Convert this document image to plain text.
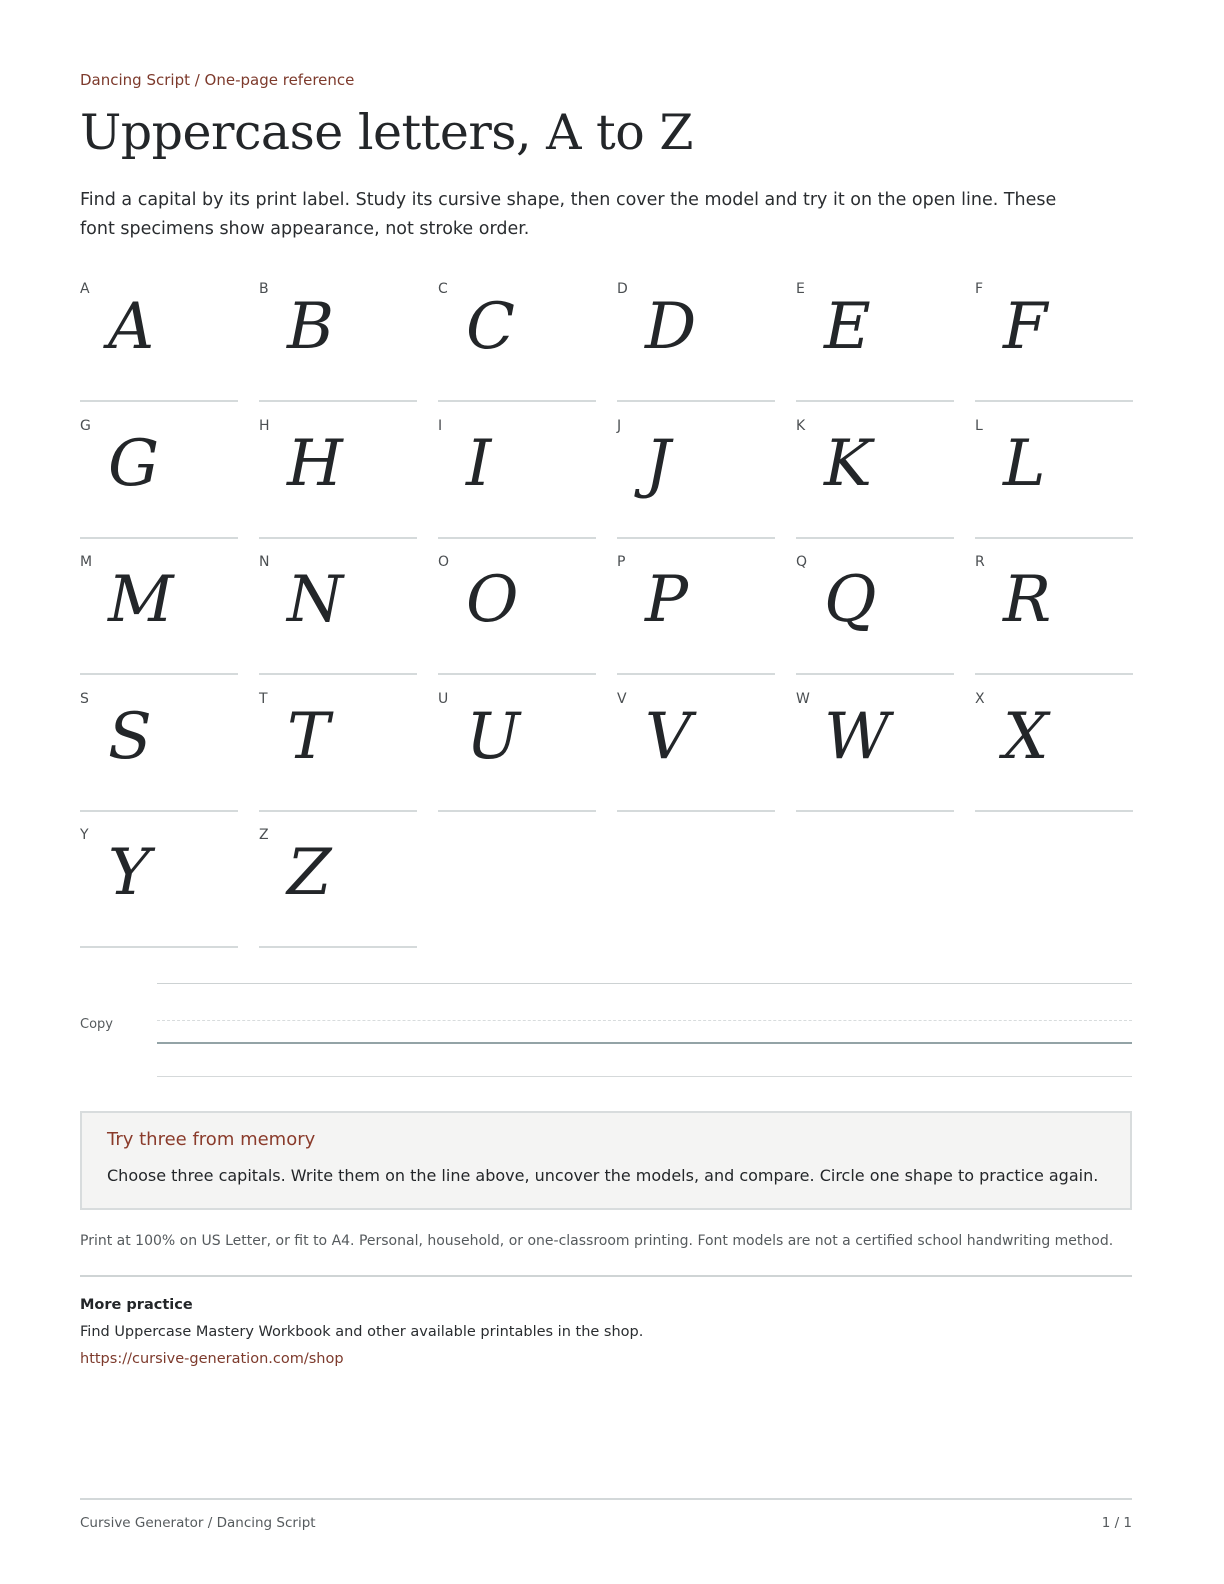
Dancing Script / One-page reference
Uppercase letters, A to Z

Find a capital by its print label. Study its cursive shape, then cover the model and try it on the open line. These font specimens show appearance, not stroke order.

A
A
B
B
C
C
D
D
E
E
F
F
G
G
H
H
I
I
J
J
K
K
L
L
M
M
N
N
O
O
P
P
Q
Q
R
R
S
S
T
T
U
U
V
V
W
W
X
X
Y
Y
Z
Z
Copy
Try three from memory

Choose three capitals. Write them on the line above, uncover the models, and compare. Circle one shape to practice again.

Print at 100% on US Letter, or fit to A4. Personal, household, or one-classroom printing. Font models are not a certified school handwriting method.

More practice

Find Uppercase Mastery Workbook and other available printables in the shop.

https://cursive-generation.com/shop
Cursive Generator / Dancing Script	1 / 1
